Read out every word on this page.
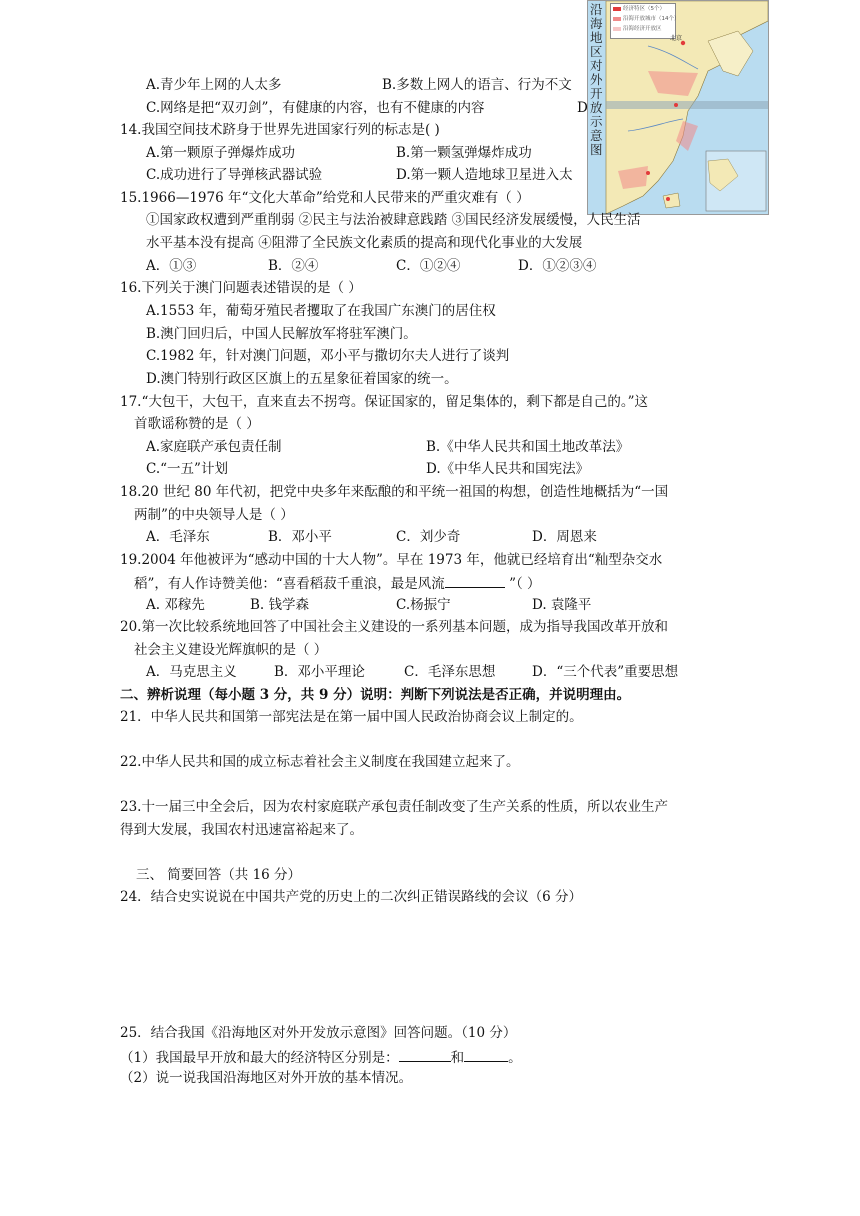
沿海地区对外开放示意图
经济特区（5个）
沿海开放城市（14个）
沿海经济开放区
北京
A.青少年上网的人太多	B.多数上网人的语言、行为不文
C.网络是把“双刃剑”，有健康的内容，也有不健康的内容	D
14.我国空间技术跻身于世界先进国家行列的标志是( )
A.第一颗原子弹爆炸成功	B.第一颗氢弹爆炸成功
C.成功进行了导弹核武器试验	D.第一颗人造地球卫星进入太
15.1966—1976 年“文化大革命”给党和人民带来的严重灾难有（ ）
①国家政权遭到严重削弱 ②民主与法治被肆意践踏 ③国民经济发展缓慢，人民生活
水平基本没有提高 ④阻滞了全民族文化素质的提高和现代化事业的大发展
A．①③	B．②④	C．①②④	D．①②③④
16.下列关于澳门问题表述错误的是（ ）
A.1553 年，葡萄牙殖民者攫取了在我国广东澳门的居住权
B.澳门回归后，中国人民解放军将驻军澳门。
C.1982 年，针对澳门问题，邓小平与撒切尔夫人进行了谈判
D.澳门特别行政区区旗上的五星象征着国家的统一。
17.“大包干，大包干，直来直去不拐弯。保证国家的，留足集体的，剩下都是自己的。”这
首歌谣称赞的是（ ）
A.家庭联产承包责任制	B.《中华人民共和国土地改革法》
C.“一五”计划	D.《中华人民共和国宪法》
18.20 世纪 80 年代初，把党中央多年来酝酿的和平统一祖国的构想，创造性地概括为“一国
两制”的中央领导人是（ ）
A．毛泽东	B．邓小平	C．刘少奇	D．周恩来
19.2004 年他被评为“感动中国的十大人物”。早在 1973 年，他就已经培育出“籼型杂交水
稻”，有人作诗赞美他：“喜看稻菽千重浪，最是风流	”（ ）
A. 邓稼先	B. 钱学森	C.杨振宁	D. 袁隆平
20.第一次比较系统地回答了中国社会主义建设的一系列基本问题，成为指导我国改革开放和
社会主义建设光辉旗帜的是（ ）
A．马克思主义	B．邓小平理论	C．毛泽东思想	D．“三个代表”重要思想
二、辨析说理（每小题 3 分，共 9 分）说明：判断下列说法是否正确，并说明理由。
21．中华人民共和国第一部宪法是在第一届中国人民政治协商会议上制定的。
22.中华人民共和国的成立标志着社会主义制度在我国建立起来了。
23.十一届三中全会后，因为农村家庭联产承包责任制改变了生产关系的性质，所以农业生产
得到大发展，我国农村迅速富裕起来了。
三、 简要回答（共 16 分）
24．结合史实说说在中国共产党的历史上的二次纠正错误路线的会议（6 分）
25．结合我国《沿海地区对外开发放示意图》回答问题。（10 分）
（1）我国最早开放和最大的经济特区分别是：	和	。
（2）说一说我国沿海地区对外开放的基本情况。
